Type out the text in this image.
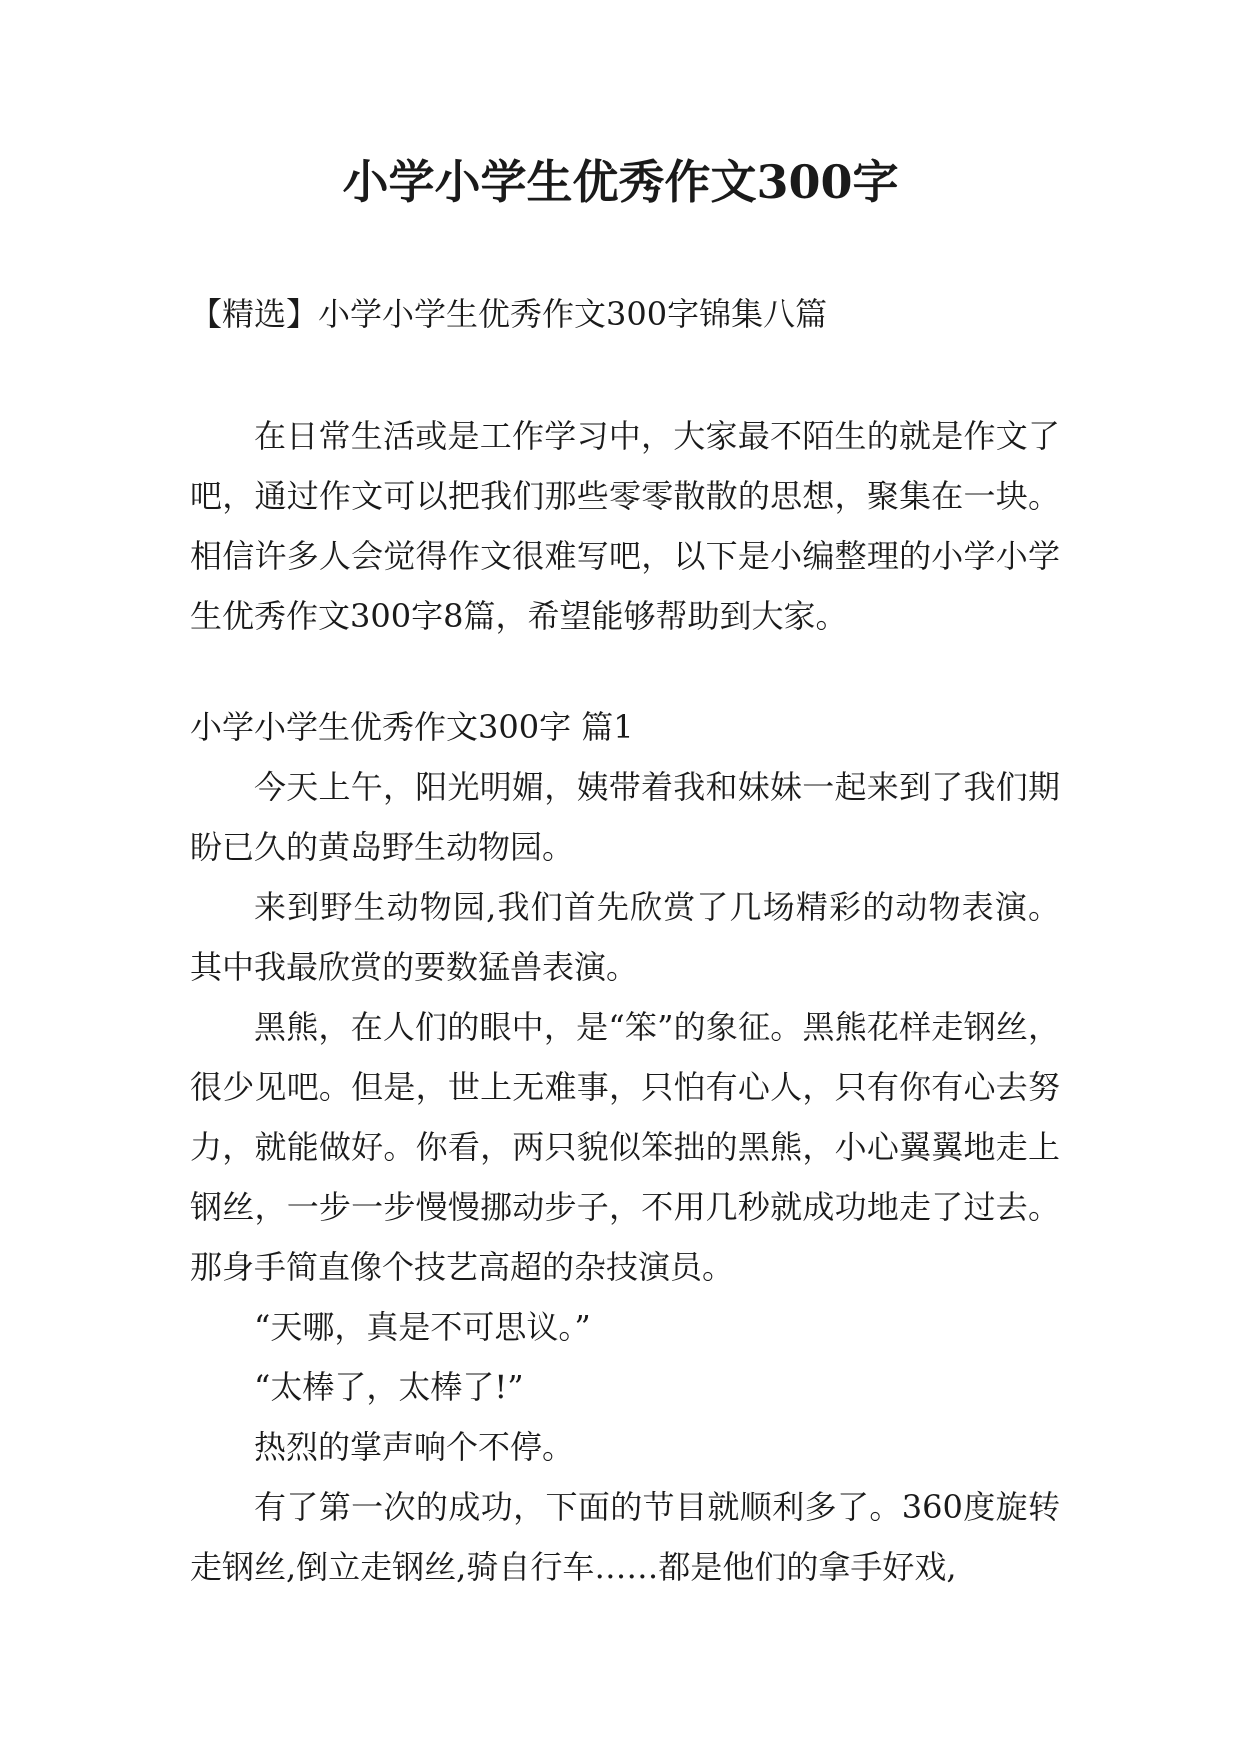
小学小学生优秀作文300字

【精选】小学小学生优秀作文300字锦集八篇

在日常生活或是工作学习中，大家最不陌生的就是作文了吧，通过作文可以把我们那些零零散散的思想，聚集在一块。相信许多人会觉得作文很难写吧，以下是小编整理的小学小学生优秀作文300字8篇，希望能够帮助到大家。

小学小学生优秀作文300字 篇1

今天上午，阳光明媚，姨带着我和妹妹一起来到了我们期盼已久的黄岛野生动物园。

来到野生动物园,我们首先欣赏了几场精彩的动物表演。其中我最欣赏的要数猛兽表演。

黑熊，在人们的眼中，是“笨”的象征。黑熊花样走钢丝，很少见吧。但是，世上无难事，只怕有心人，只有你有心去努力，就能做好。你看，两只貌似笨拙的黑熊，小心翼翼地走上钢丝，一步一步慢慢挪动步子，不用几秒就成功地走了过去。那身手简直像个技艺高超的杂技演员。

“天哪，真是不可思议。”

“太棒了，太棒了!”

热烈的掌声响个不停。

有了第一次的成功，下面的节目就顺利多了。360度旋转走钢丝,倒立走钢丝,骑自行车……都是他们的拿手好戏,
